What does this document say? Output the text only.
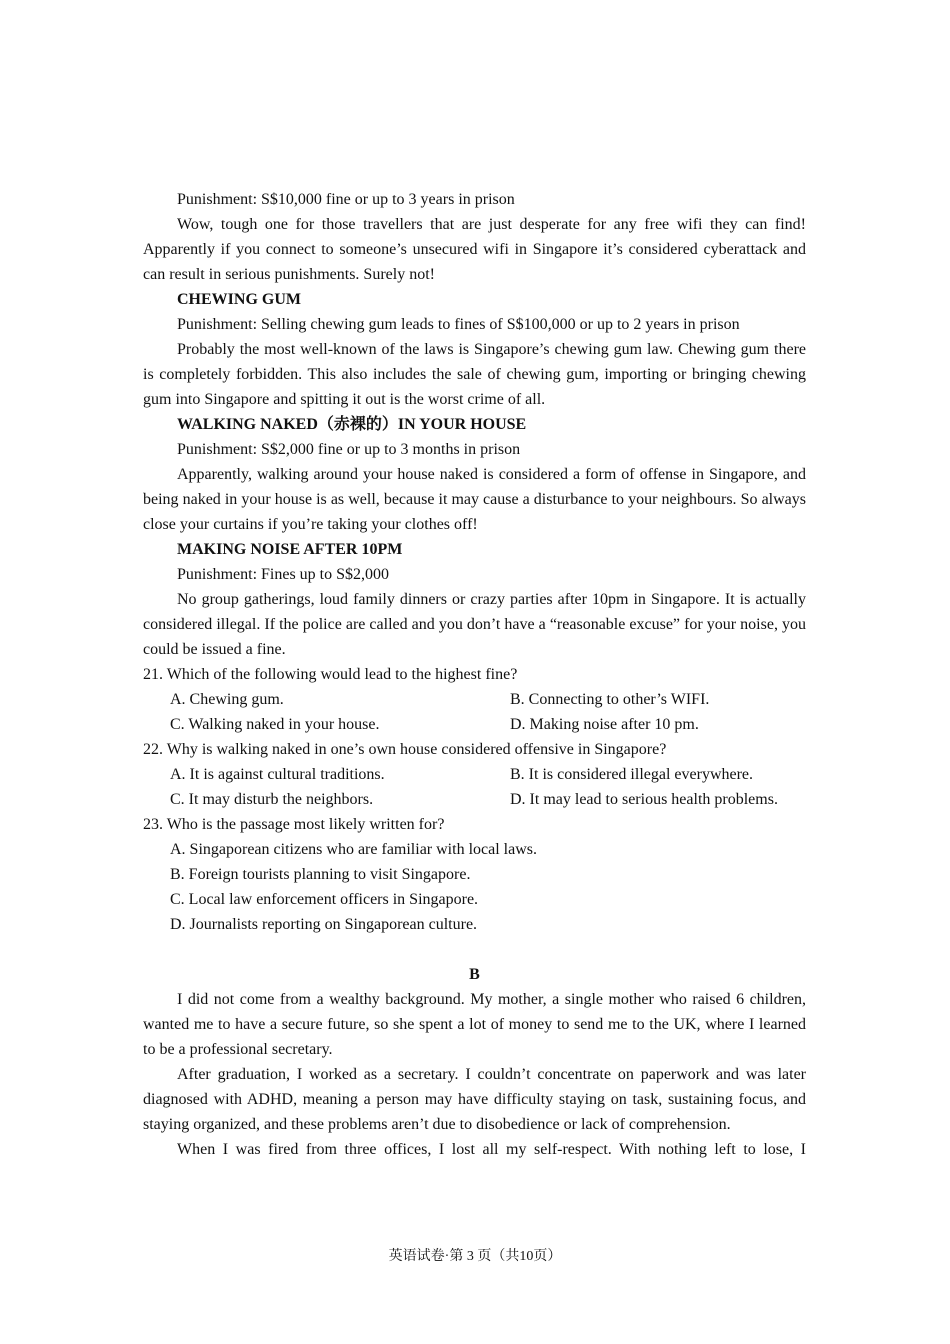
Punishment: S$10,000 fine or up to 3 years in prison

Wow, tough one for those travellers that are just desperate for any free wifi they can find! Apparently if you connect to someone’s unsecured wifi in Singapore it’s considered cyberattack and can result in serious punishments. Surely not!

CHEWING GUM

Punishment: Selling chewing gum leads to fines of S$100,000 or up to 2 years in prison

Probably the most well-known of the laws is Singapore’s chewing gum law. Chewing gum there is completely forbidden. This also includes the sale of chewing gum, importing or bringing chewing gum into Singapore and spitting it out is the worst crime of all.

WALKING NAKED（赤裸的）IN YOUR HOUSE

Punishment: S$2,000 fine or up to 3 months in prison

Apparently, walking around your house naked is considered a form of offense in Singapore, and being naked in your house is as well, because it may cause a disturbance to your neighbours. So always close your curtains if you’re taking your clothes off!

MAKING NOISE AFTER 10PM

Punishment: Fines up to S$2,000

No group gatherings, loud family dinners or crazy parties after 10pm in Singapore. It is actually considered illegal. If the police are called and you don’t have a “reasonable excuse” for your noise, you could be issued a fine.

21. Which of the following would lead to the highest fine?

A. Chewing gum.	B. Connecting to other’s WIFI.
C. Walking naked in your house.	D. Making noise after 10 pm.

22. Why is walking naked in one’s own house considered offensive in Singapore?

A. It is against cultural traditions.	B. It is considered illegal everywhere.
C. It may disturb the neighbors.	D. It may lead to serious health problems.

23. Who is the passage most likely written for?

A. Singaporean citizens who are familiar with local laws.
B. Foreign tourists planning to visit Singapore.
C. Local law enforcement officers in Singapore.
D. Journalists reporting on Singaporean culture.

B

I did not come from a wealthy background. My mother, a single mother who raised 6 children, wanted me to have a secure future, so she spent a lot of money to send me to the UK, where I learned to be a professional secretary.

After graduation, I worked as a secretary. I couldn’t concentrate on paperwork and was later diagnosed with ADHD, meaning a person may have difficulty staying on task, sustaining focus, and staying organized, and these problems aren’t due to disobedience or lack of comprehension.

When I was fired from three offices, I lost all my self-respect. With nothing left to lose, I

英语试卷·第 3 页（共10页）
